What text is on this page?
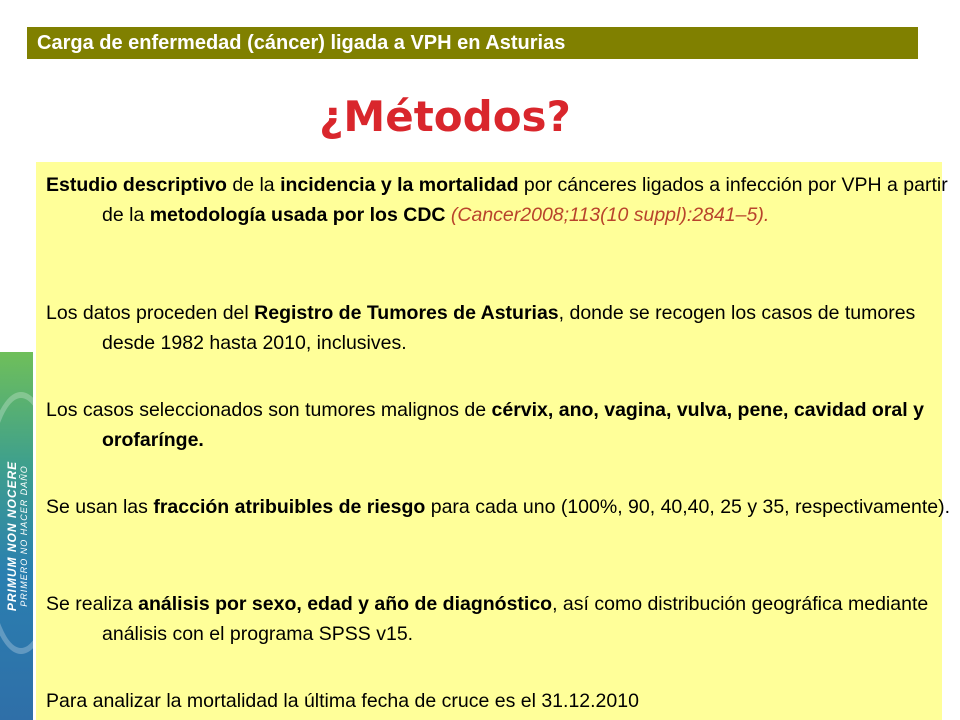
Carga de enfermedad (cáncer) ligada a VPH en Asturias
¿Métodos?

Estudio descriptivo de la incidencia y la mortalidad por cánceres ligados a infección por VPH a partir de la metodología usada por los CDC (Cancer2008;113(10 suppl):2841–5).

Los datos proceden del Registro de Tumores de Asturias, donde se recogen los casos de tumores desde 1982 hasta 2010, inclusives.

Los casos seleccionados son tumores malignos de cérvix, ano, vagina, vulva, pene, cavidad oral y orofarínge.

Se usan las fracción atribuibles de riesgo para cada uno (100%, 90, 40,40, 25 y 35, respectivamente).

Se realiza análisis por sexo, edad y año de diagnóstico, así como distribución geográfica mediante análisis con el programa SPSS v15.

Para analizar la mortalidad la última fecha de cruce es el 31.12.2010

PRIMUM NON NOCERE PRIMERO NO HACER DAÑO
